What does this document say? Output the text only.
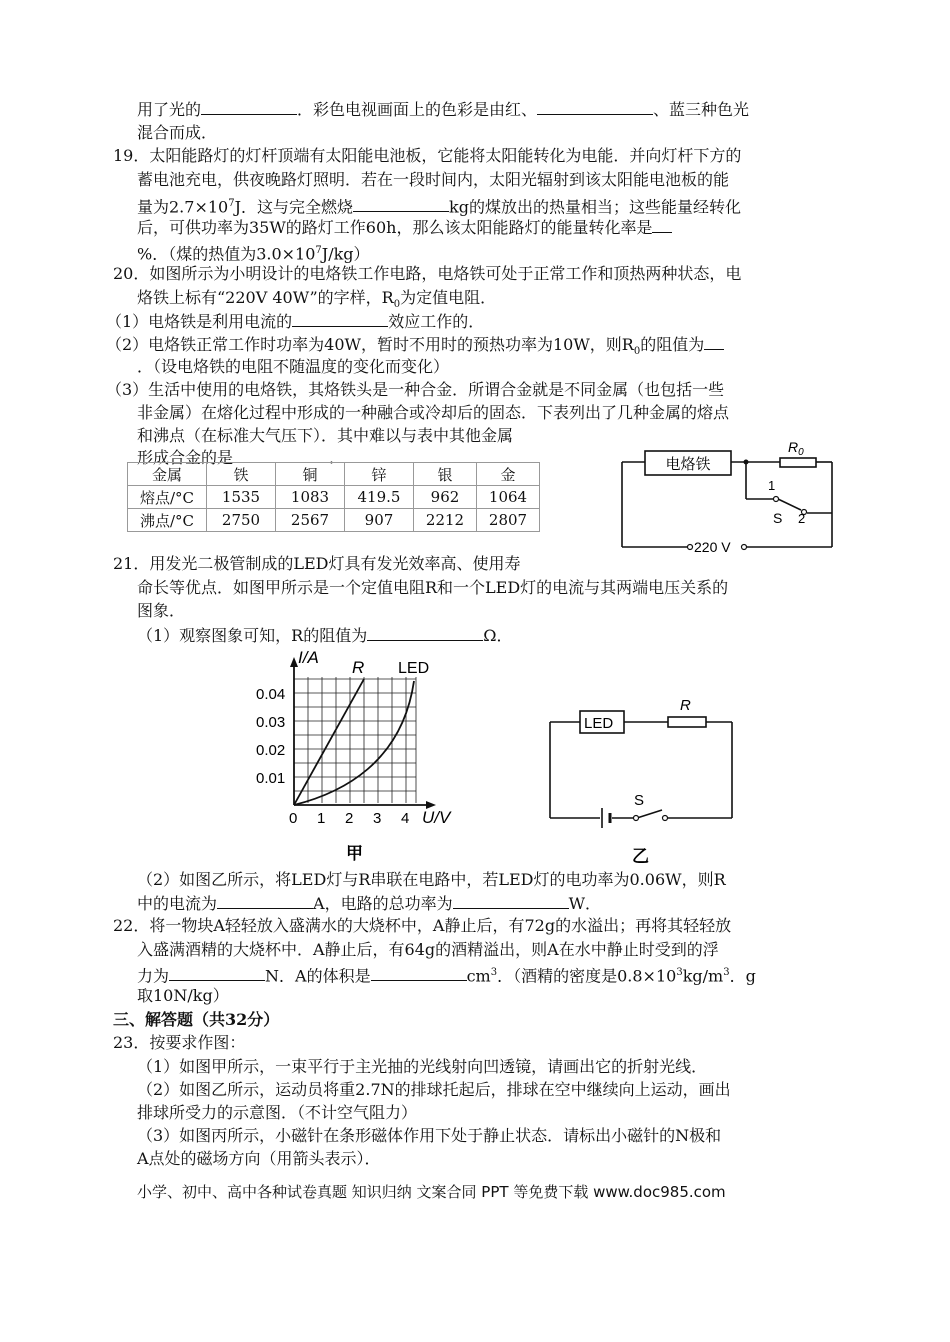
用了光的	．彩色电视画面上的色彩是由红、	、蓝三种色光
混合而成．
19．太阳能路灯的灯杆顶端有太阳能电池板，它能将太阳能转化为电能．并向灯杆下方的
蓄电池充电，供夜晚路灯照明．若在一段时间内，太阳光辐射到该太阳能电池板的能
量为$2.7\times 10^7J$．这与完全燃烧	kg的煤放出的热量相当；这些能量经转化
后，可供功率为35W的路灯工作60h，那么该太阳能路灯的能量转化率是
%．（煤的热值为$3.0\times 10^7J/kg$）
20．如图所示为小明设计的电烙铁工作电路，电烙铁可处于正常工作和顶热两种状态，电
烙铁上标有“220V 40W”的字样，$R_0$为定值电阻．
（1）电烙铁是利用电流的	效应工作的．
（2）电烙铁正常工作时功率为40W，暂时不用时的预热功率为10W，则$R_0$的阻值为
．（设电烙铁的电阻不随温度的变化而变化）
（3）生活中使用的电烙铁，其烙铁头是一种合金．所谓合金就是不同金属（也包括一些
非金属）在熔化过程中形成的一种融合或冷却后的固态．下表列出了几种金属的熔点
和沸点（在标准大气压下）．其中难以与表中其他金属
形成合金的是	．
金属	铁	铜	锌	银	金
熔点/°C	1535	1083	419.5	962	1064
沸点/°C	2750	2567	907	2212	2807
电烙铁
$R_0$
1
S 2
220 V
21．用发光二极管制成的LED灯具有发光效率高、使用寿
命长等优点．如图甲所示是一个定值电阻R和一个LED灯的电流与其两端电压关系的
图象．
（1）观察图象可知，R的阻值为	Ω．
I/A
R LED
0.04
0.03
0.02
0.01
0 1 2 3 4 U/V
甲
LED
R
S
乙
（2）如图乙所示，将LED灯与R串联在电路中，若LED灯的电功率为0.06W，则R
中的电流为	A，电路的总功率为	W．
22．将一物块A轻轻放入盛满水的大烧杯中，A静止后，有72g的水溢出；再将其轻轻放
入盛满酒精的大烧杯中．A静止后，有64g的酒精溢出，则A在水中静止时受到的浮
力为	N．A的体积是	$cm^3$．（酒精的密度是$0.8\times 10^3kg/m^3$．g
取10N/kg）
三、解答题（共32分）
23．按要求作图：
（1）如图甲所示，一束平行于主光抽的光线射向凹透镜，请画出它的折射光线．
（2）如图乙所示，运动员将重2.7N的排球托起后，排球在空中继续向上运动，画出
排球所受力的示意图．（不计空气阻力）
（3）如图丙所示，小磁针在条形磁体作用下处于静止状态．请标出小磁针的N极和
A点处的磁场方向（用箭头表示）．
小学、初中、高中各种试卷真题 知识归纳 文案合同 PPT 等免费下载 www.doc985.com
